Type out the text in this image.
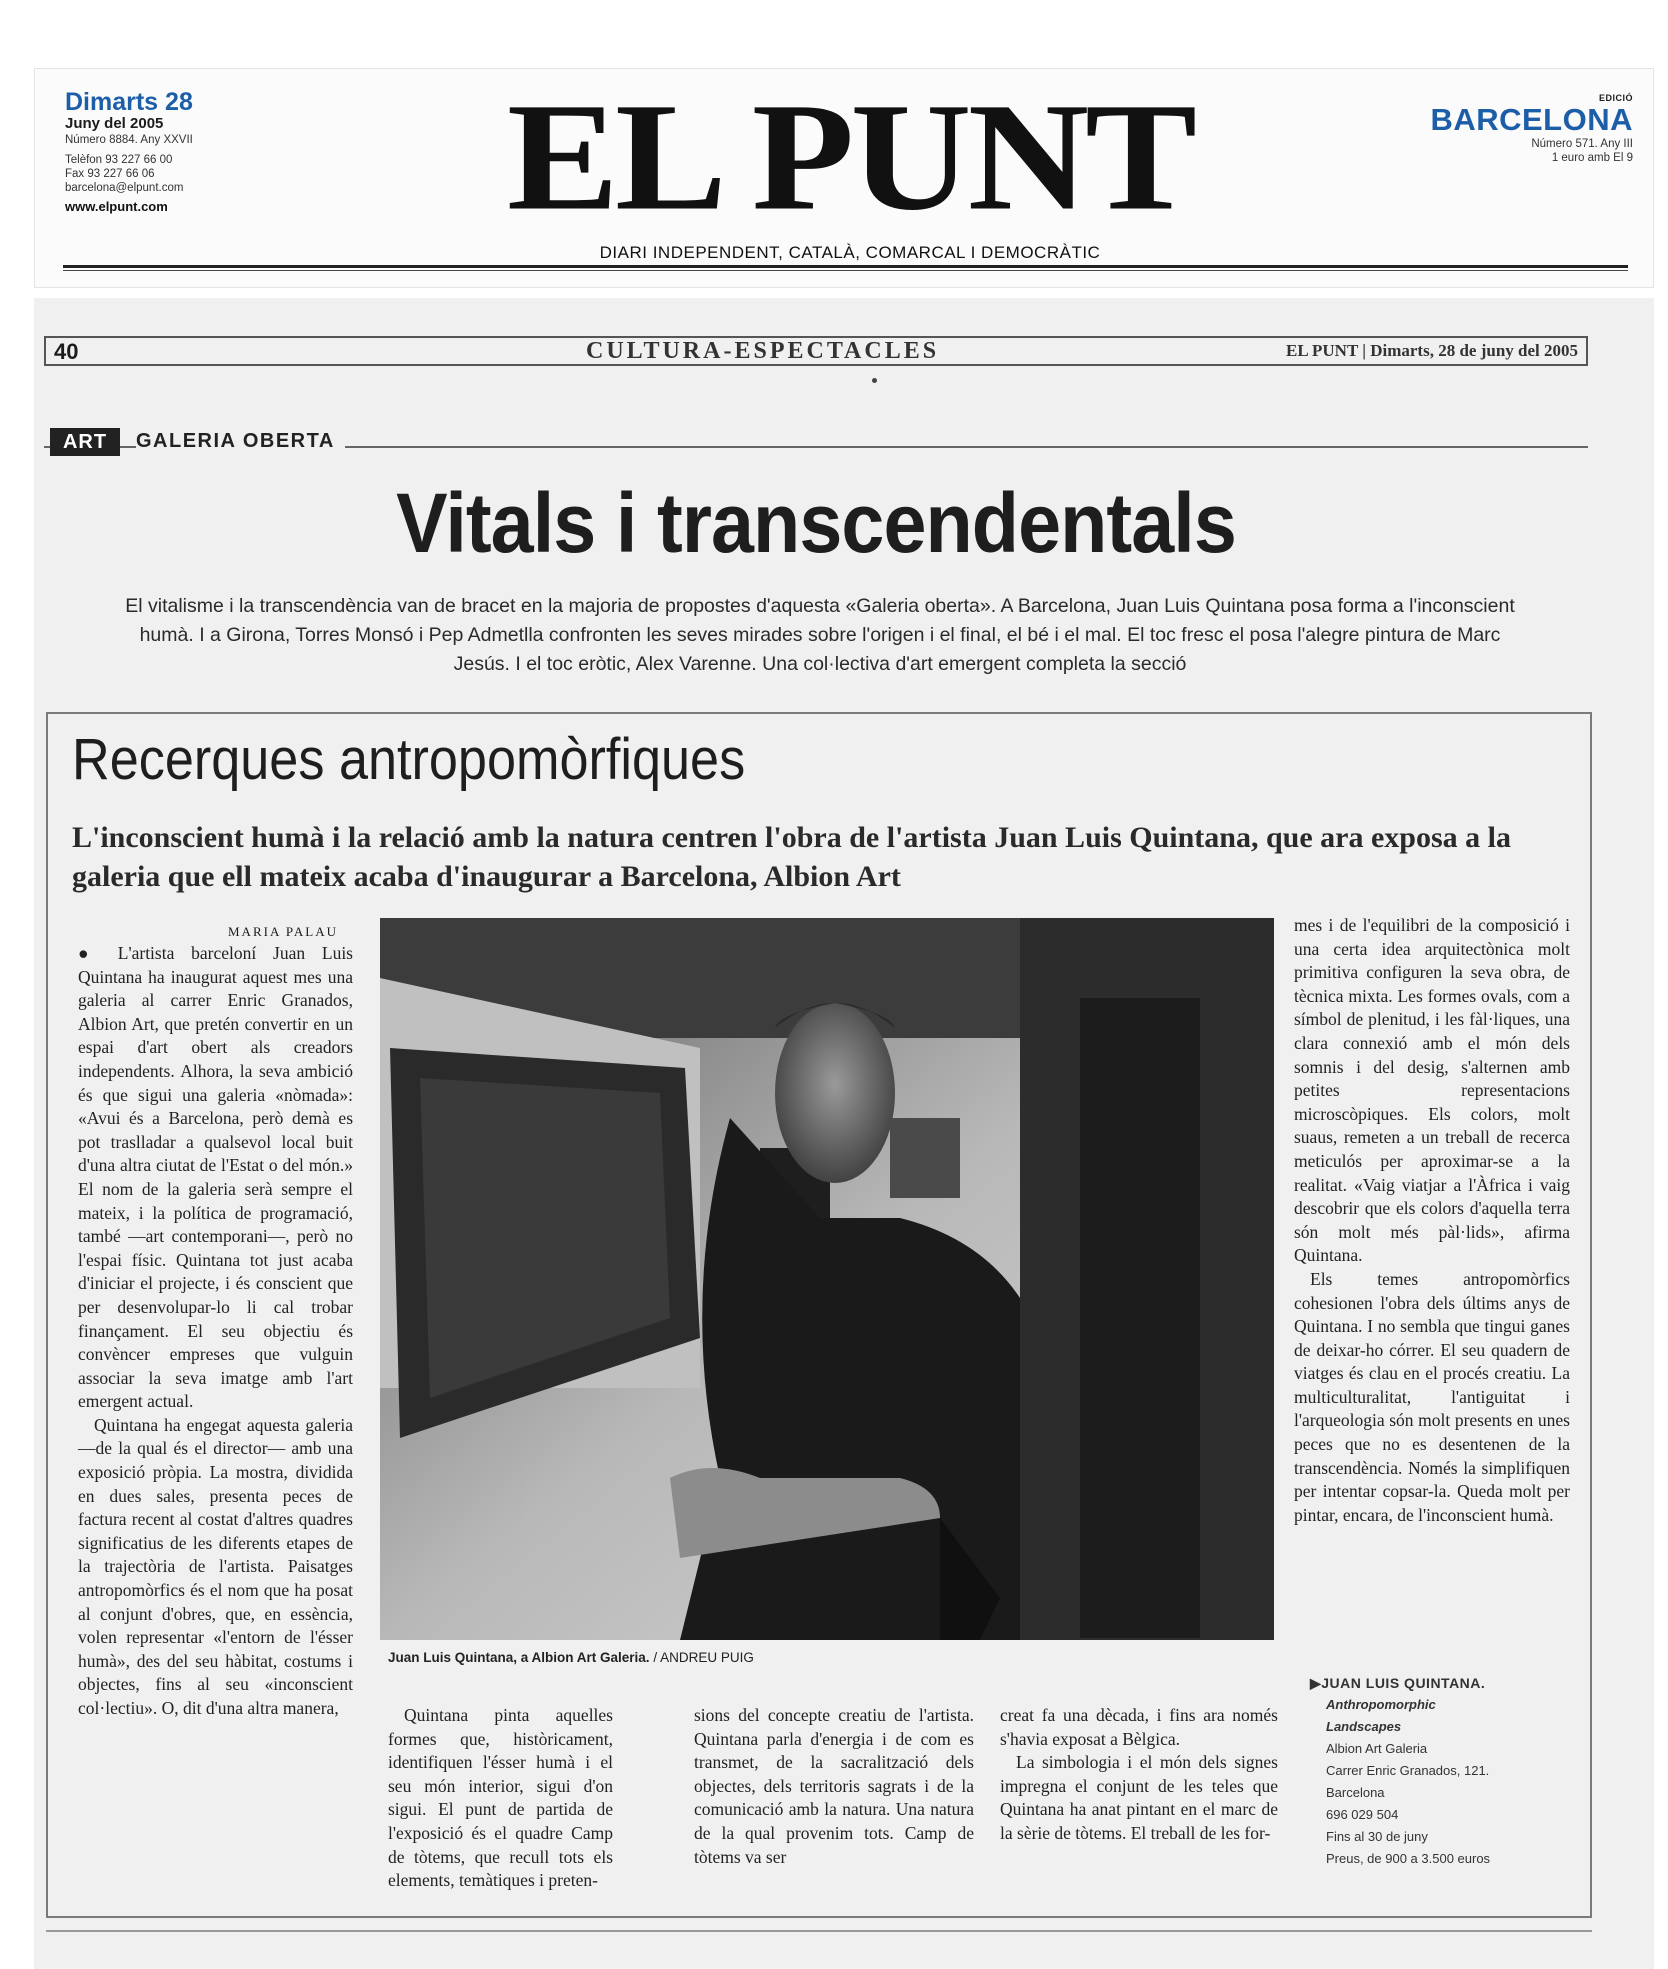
Dimarts 28
Juny del 2005
Número 8884. Any XXVII
Telèfon 93 227 66 00
Fax 93 227 66 06
barcelona@elpunt.com
www.elpunt.com	EL PUNT
DIARI INDEPENDENT, CATALÀ, COMARCAL I DEMOCRÀTIC
EDICIÓ
BARCELONA
Número 571. Any III
1 euro amb El 9
40	CULTURA-ESPECTACLES	EL PUNT | Dimarts, 28 de juny del 2005
ART	GALERIA OBERTA
Vitals i transcendentals
El vitalisme i la transcendència van de bracet en la majoria de propostes d'aquesta «Galeria oberta». A Barcelona, Juan Luis Quintana posa forma a l'inconscient humà. I a Girona, Torres Monsó i Pep Admetlla confronten les seves mirades sobre l'origen i el final, el bé i el mal. El toc fresc el posa l'alegre pintura de Marc Jesús. I el toc eròtic, Alex Varenne. Una col·lectiva d'art emergent completa la secció
Recerques antropomòrfiques
L'inconscient humà i la relació amb la natura centren l'obra de l'artista Juan Luis Quintana, que ara exposa a la galeria que ell mateix acaba d'inaugurar a Barcelona, Albion Art
MARIA PALAU

● L'artista barceloní Juan Luis Quintana ha inaugurat aquest mes una galeria al carrer Enric Granados, Albion Art, que pretén convertir en un espai d'art obert als creadors independents. Alhora, la seva ambició és que sigui una galeria «nòmada»: «Avui és a Barcelona, però demà es pot traslladar a qualsevol local buit d'una altra ciutat de l'Estat o del món.» El nom de la galeria serà sempre el mateix, i la política de programació, també —art contemporani—, però no l'espai físic. Quintana tot just acaba d'iniciar el projecte, i és conscient que per desenvolupar-lo li cal trobar finançament. El seu objectiu és convèncer empreses que vulguin associar la seva imatge amb l'art emergent actual.

Quintana ha engegat aquesta galeria —de la qual és el director— amb una exposició pròpia. La mostra, dividida en dues sales, presenta peces de factura recent al costat d'altres quadres significatius de les diferents etapes de la trajectòria de l'artista. Paisatges antropomòrfics és el nom que ha posat al conjunt d'obres, que, en essència, volen representar «l'entorn de l'ésser humà», des del seu hàbitat, costums i objectes, fins al seu «inconscient col·lectiu». O, dit d'una altra manera,

Juan Luis Quintana, a Albion Art Galeria. / ANDREU PUIG

mes i de l'equilibri de la composició i una certa idea arquitectònica molt primitiva configuren la seva obra, de tècnica mixta. Les formes ovals, com a símbol de plenitud, i les fàl·liques, una clara connexió amb el món dels somnis i del desig, s'alternen amb petites representacions microscòpiques. Els colors, molt suaus, remeten a un treball de recerca meticulós per aproximar-se a la realitat. «Vaig viatjar a l'Àfrica i vaig descobrir que els colors d'aquella terra són molt més pàl·lids», afirma Quintana.

Els temes antropomòrfics cohesionen l'obra dels últims anys de Quintana. I no sembla que tingui ganes de deixar-ho córrer. El seu quadern de viatges és clau en el procés creatiu. La multiculturalitat, l'antiguitat i l'arqueologia són molt presents en unes peces que no es desentenen de la transcendència. Només la simplifiquen per intentar copsar-la. Queda molt per pintar, encara, de l'inconscient humà.

Quintana pinta aquelles formes que, històricament, identifiquen l'ésser humà i el seu món interior, sigui d'on sigui. El punt de partida de l'exposició és el quadre Camp de tòtems, que recull tots els elements, temàtiques i preten-

sions del concepte creatiu de l'artista. Quintana parla d'energia i de com es transmet, de la sacralització dels objectes, dels territoris sagrats i de la comunicació amb la natura. Una natura de la qual provenim tots. Camp de tòtems va ser

creat fa una dècada, i fins ara només s'havia exposat a Bèlgica.

La simbologia i el món dels signes impregna el conjunt de les teles que Quintana ha anat pintant en el marc de la sèrie de tòtems. El treball de les for-

▶JUAN LUIS QUINTANA.
Anthropomorphic
Landscapes
Albion Art Galeria
Carrer Enric Granados, 121.
Barcelona
696 029 504
Fins al 30 de juny
Preus, de 900 a 3.500 euros
